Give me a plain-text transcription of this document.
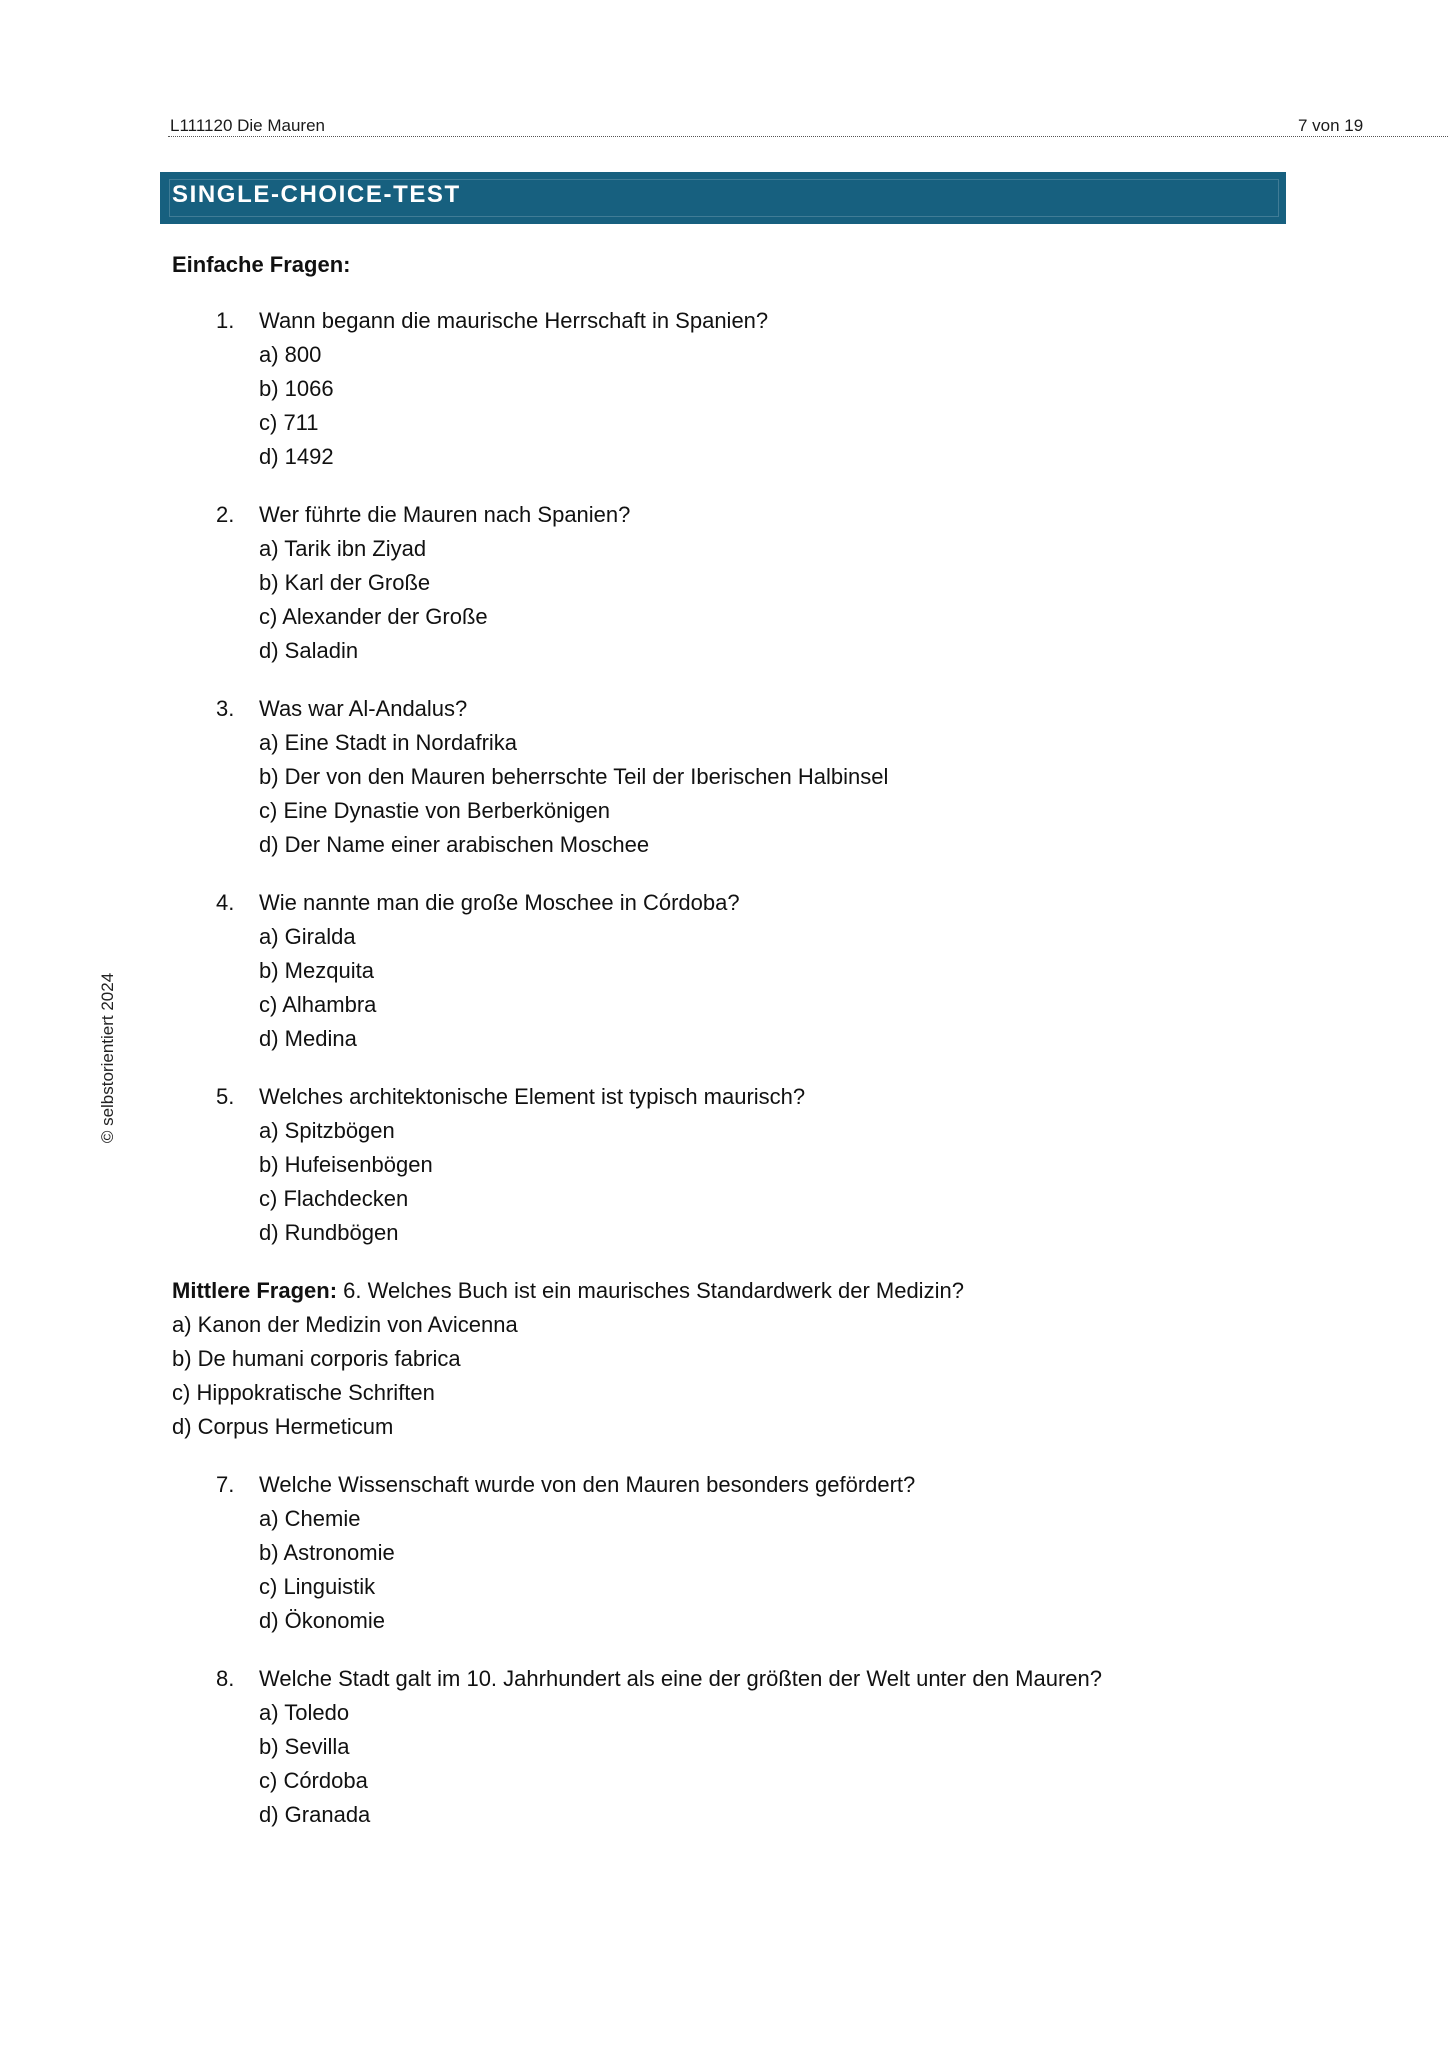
L111120 Die Mauren	7 von 19
© selbstorientiert 2024
SINGLE-CHOICE-TEST
Einfache Fragen:
1. Wann begann die maurische Herrschaft in Spanien?
a) 800
b) 1066
c) 711
d) 1492
2. Wer führte die Mauren nach Spanien?
a) Tarik ibn Ziyad
b) Karl der Große
c) Alexander der Große
d) Saladin
3. Was war Al-Andalus?
a) Eine Stadt in Nordafrika
b) Der von den Mauren beherrschte Teil der Iberischen Halbinsel
c) Eine Dynastie von Berberkönigen
d) Der Name einer arabischen Moschee
4. Wie nannte man die große Moschee in Córdoba?
a) Giralda
b) Mezquita
c) Alhambra
d) Medina
5. Welches architektonische Element ist typisch maurisch?
a) Spitzbögen
b) Hufeisenbögen
c) Flachdecken
d) Rundbögen
Mittlere Fragen: 6. Welches Buch ist ein maurisches Standardwerk der Medizin?
a) Kanon der Medizin von Avicenna
b) De humani corporis fabrica
c) Hippokratische Schriften
d) Corpus Hermeticum
7. Welche Wissenschaft wurde von den Mauren besonders gefördert?
a) Chemie
b) Astronomie
c) Linguistik
d) Ökonomie
8. Welche Stadt galt im 10. Jahrhundert als eine der größten der Welt unter den Mauren?
a) Toledo
b) Sevilla
c) Córdoba
d) Granada
